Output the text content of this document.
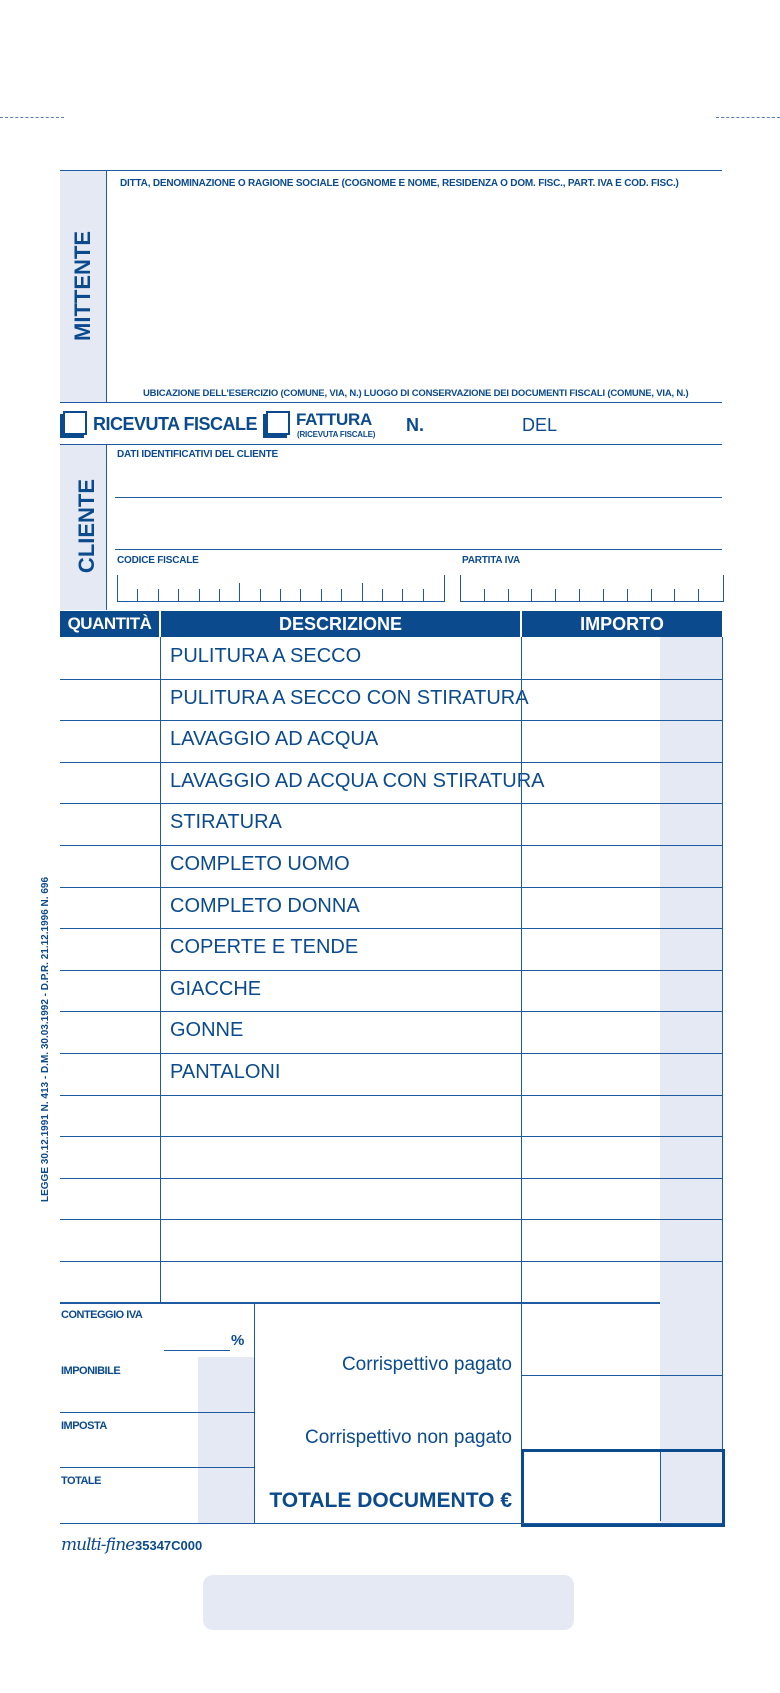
MITTENTE
DITTA, DENOMINAZIONE O RAGIONE SOCIALE (COGNOME E NOME, RESIDENZA O DOM. FISC., PART. IVA E COD. FISC.)
UBICAZIONE DELL'ESERCIZIO (COMUNE, VIA, N.) LUOGO DI CONSERVAZIONE DEI DOCUMENTI FISCALI (COMUNE, VIA, N.)
RICEVUTA FISCALE FATTURA
(RICEVUTA FISCALE) N.	DEL
CLIENTE
DATI IDENTIFICATIVI DEL CLIENTE
CODICE FISCALE	PARTITA IVA
QUANTITÀ	DESCRIZIONE	IMPORTO
PULITURA A SECCO
PULITURA A SECCO CON STIRATURA
LAVAGGIO AD ACQUA
LAVAGGIO AD ACQUA CON STIRATURA
STIRATURA
COMPLETO UOMO
COMPLETO DONNA
COPERTE E TENDE
GIACCHE
GONNE
PANTALONI
CONTEGGIO IVA
%
IMPONIBILE
IMPOSTA
TOTALE
Corrispettivo pagato
Corrispettivo non pagato
TOTALE DOCUMENTO €
multi-fine 35347C000
LEGGE 30.12.1991 N. 413 - D.M. 30.03.1992 - D.P.R. 21.12.1996 N. 696
